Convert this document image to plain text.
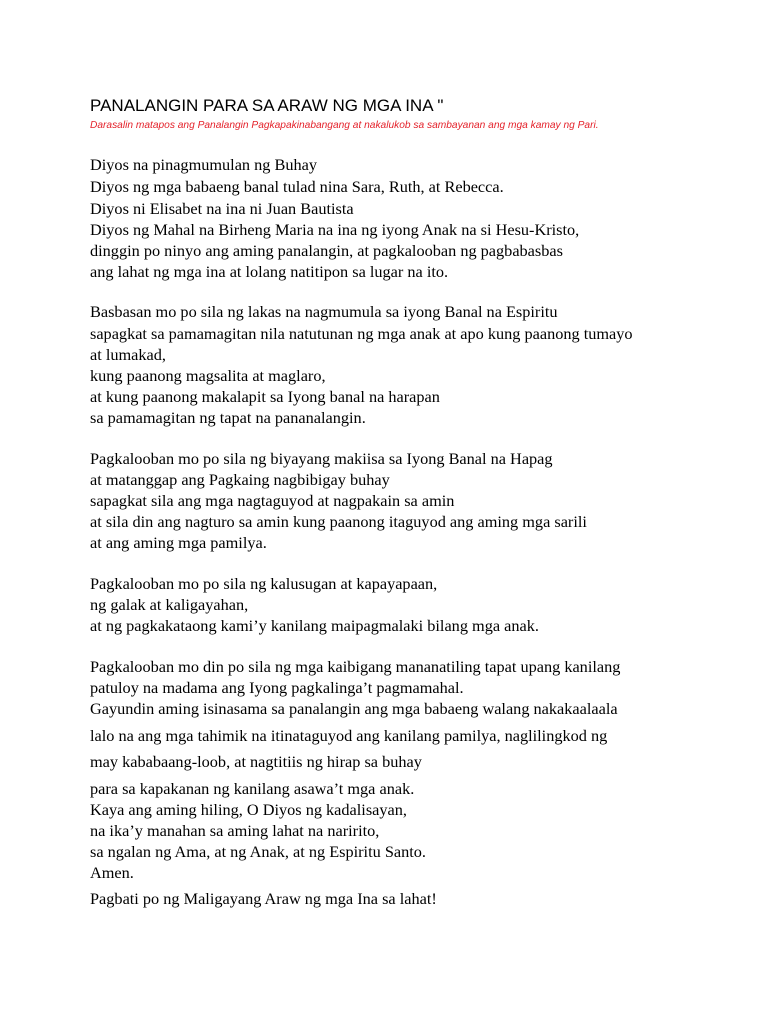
PANALANGIN PARA SA ARAW NG MGA INA "
Darasalin matapos ang Panalangin Pagkapakinabangang at nakalukob sa sambayanan ang mga kamay ng Pari.
Diyos na pinagmumulan ng Buhay
Diyos ng mga babaeng banal tulad nina Sara, Ruth, at Rebecca.
Diyos ni Elisabet na ina ni Juan Bautista
Diyos ng Mahal na Birheng Maria na ina ng iyong Anak na si Hesu-Kristo,
dinggin po ninyo ang aming panalangin, at pagkalooban ng pagbabasbas
ang lahat ng mga ina at lolang natitipon sa lugar na ito.
Basbasan mo po sila ng lakas na nagmumula sa iyong Banal na Espiritu
sapagkat sa pamamagitan nila natutunan ng mga anak at apo kung paanong tumayo
at lumakad,
kung paanong magsalita at maglaro,
at kung paanong makalapit sa Iyong banal na harapan
sa pamamagitan ng tapat na pananalangin.
Pagkalooban mo po sila ng biyayang makiisa sa Iyong Banal na Hapag
at matanggap ang Pagkaing nagbibigay buhay
sapagkat sila ang mga nagtaguyod at nagpakain sa amin
at sila din ang nagturo sa amin kung paanong itaguyod ang aming mga sarili
at ang aming mga pamilya.
Pagkalooban mo po sila ng kalusugan at kapayapaan,
ng galak at kaligayahan,
at ng pagkakataong kami’y kanilang maipagmalaki bilang mga anak.
Pagkalooban mo din po sila ng mga kaibigang mananatiling tapat upang kanilang
patuloy na madama ang Iyong pagkalinga’t pagmamahal.
Gayundin aming isinasama sa panalangin ang mga babaeng walang nakakaalaala
lalo na ang mga tahimik na itinataguyod ang kanilang pamilya, naglilingkod ng
may kababaang-loob, at nagtitiis ng hirap sa buhay
para sa kapakanan ng kanilang asawa’t mga anak.
Kaya ang aming hiling, O Diyos ng kadalisayan,
na ika’y manahan sa aming lahat na naririto,
sa ngalan ng Ama, at ng Anak, at ng Espiritu Santo.
Amen.
Pagbati po ng Maligayang Araw ng mga Ina sa lahat!
